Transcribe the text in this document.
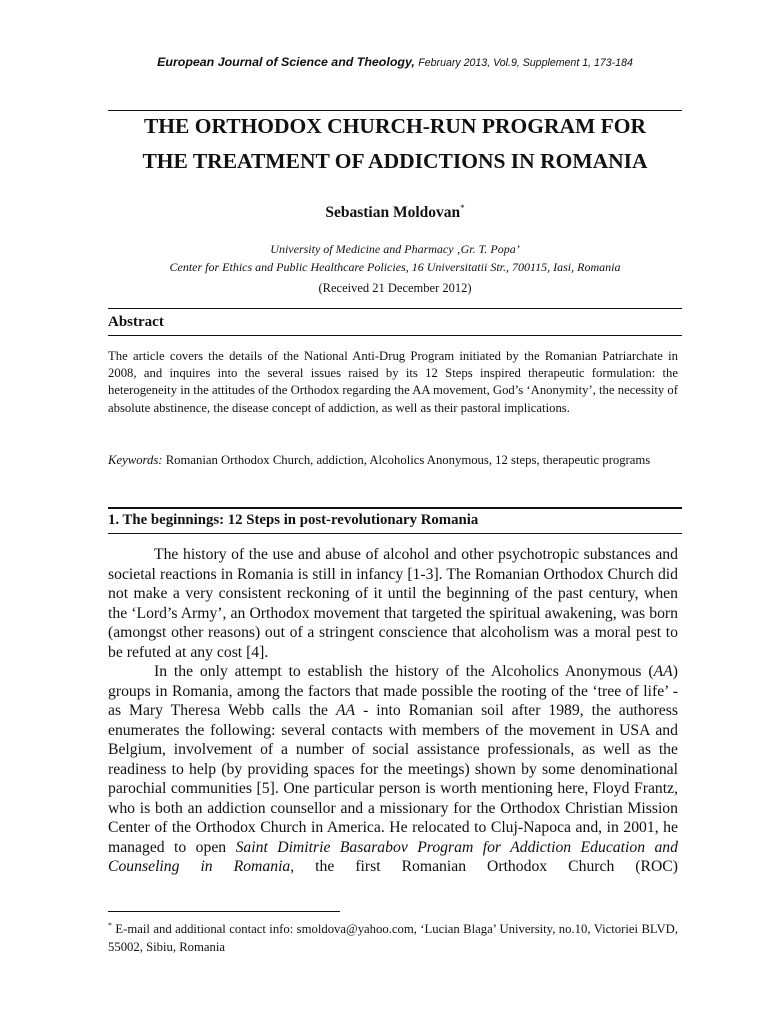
European Journal of Science and Theology, February 2013, Vol.9, Supplement 1, 173-184
THE ORTHODOX CHURCH-RUN PROGRAM FOR
THE TREATMENT OF ADDICTIONS IN ROMANIA
Sebastian Moldovan*
University of Medicine and Pharmacy ‚Gr. T. Popa’
Center for Ethics and Public Healthcare Policies, 16 Universitatii Str., 700115, Iasi, Romania
(Received 21 December 2012)
Abstract
The article covers the details of the National Anti-Drug Program initiated by the Romanian Patriarchate in 2008, and inquires into the several issues raised by its 12 Steps inspired therapeutic formulation: the heterogeneity in the attitudes of the Orthodox regarding the AA movement, God’s ‘Anonymity’, the necessity of absolute abstinence, the disease concept of addiction, as well as their pastoral implications.
Keywords: Romanian Orthodox Church, addiction, Alcoholics Anonymous, 12 steps, therapeutic programs
1. The beginnings: 12 Steps in post-revolutionary Romania

The history of the use and abuse of alcohol and other psychotropic substances and societal reactions in Romania is still in infancy [1-3]. The Romanian Orthodox Church did not make a very consistent reckoning of it until the beginning of the past century, when the ‘Lord’s Army’, an Orthodox movement that targeted the spiritual awakening, was born (amongst other reasons) out of a stringent conscience that alcoholism was a moral pest to be refuted at any cost [4].

In the only attempt to establish the history of the Alcoholics Anonymous (AA) groups in Romania, among the factors that made possible the rooting of the ‘tree of life’ - as Mary Theresa Webb calls the AA - into Romanian soil after 1989, the authoress enumerates the following: several contacts with members of the movement in USA and Belgium, involvement of a number of social assistance professionals, as well as the readiness to help (by providing spaces for the meetings) shown by some denominational parochial communities [5]. One particular person is worth mentioning here, Floyd Frantz, who is both an addiction counsellor and a missionary for the Orthodox Christian Mission Center of the Orthodox Church in America. He relocated to Cluj-Napoca and, in 2001, he managed to open Saint Dimitrie Basarabov Program for Addiction Education and Counseling in Romania, the first Romanian Orthodox Church (ROC)

* E-mail and additional contact info: smoldova@yahoo.com, ‘Lucian Blaga’ University, no.10, Victoriei BLVD, 55002, Sibiu, Romania
